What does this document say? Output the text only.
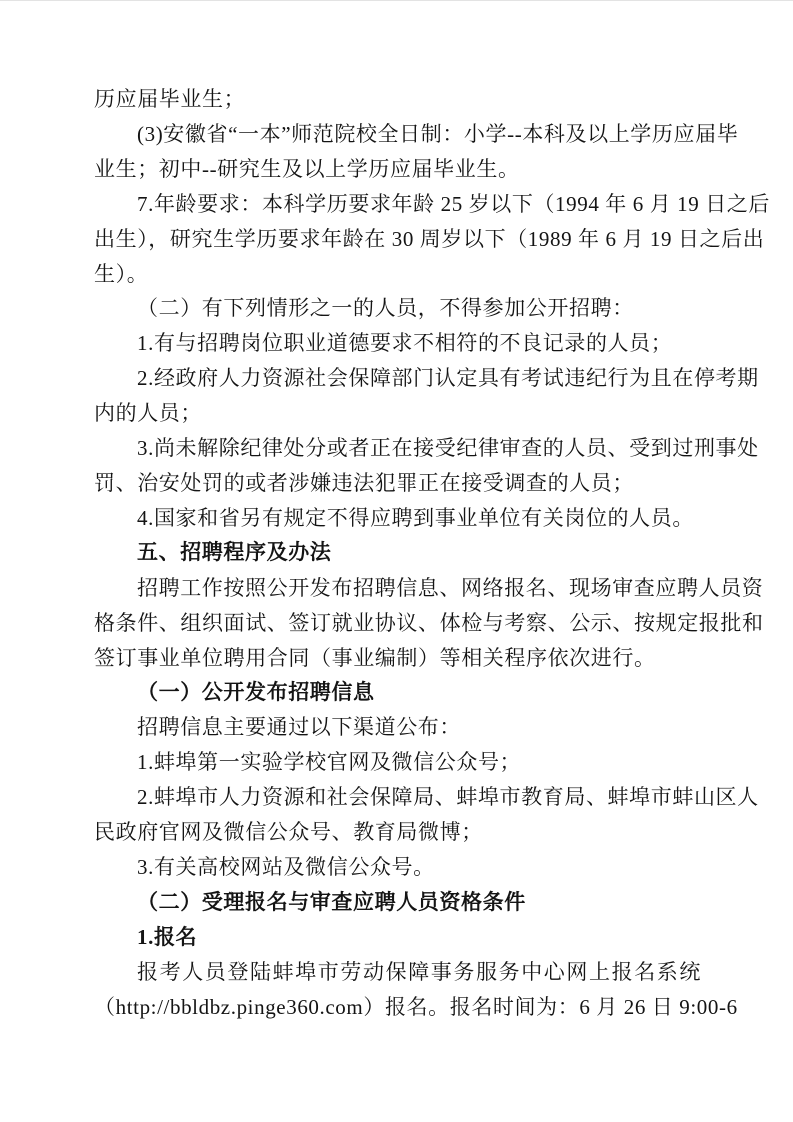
历应届毕业生；
(3)安徽省“一本”师范院校全日制：小学--本科及以上学历应届毕
业生；初中--研究生及以上学历应届毕业生。
7.年龄要求：本科学历要求年龄 25 岁以下（1994 年 6 月 19 日之后
出生），研究生学历要求年龄在 30 周岁以下（1989 年 6 月 19 日之后出
生）。
（二）有下列情形之一的人员，不得参加公开招聘：
1.有与招聘岗位职业道德要求不相符的不良记录的人员；
2.经政府人力资源社会保障部门认定具有考试违纪行为且在停考期
内的人员；
3.尚未解除纪律处分或者正在接受纪律审查的人员、受到过刑事处
罚、治安处罚的或者涉嫌违法犯罪正在接受调查的人员；
4.国家和省另有规定不得应聘到事业单位有关岗位的人员。
五、招聘程序及办法
招聘工作按照公开发布招聘信息、网络报名、现场审查应聘人员资
格条件、组织面试、签订就业协议、体检与考察、公示、按规定报批和
签订事业单位聘用合同（事业编制）等相关程序依次进行。
（一）公开发布招聘信息
招聘信息主要通过以下渠道公布：
1.蚌埠第一实验学校官网及微信公众号；
2.蚌埠市人力资源和社会保障局、蚌埠市教育局、蚌埠市蚌山区人
民政府官网及微信公众号、教育局微博；
3.有关高校网站及微信公众号。
（二）受理报名与审查应聘人员资格条件
1.报名
报考人员登陆蚌埠市劳动保障事务服务中心网上报名系统
（http://bbldbz.pinge360.com）报名。报名时间为：6 月 26 日 9:00-6
